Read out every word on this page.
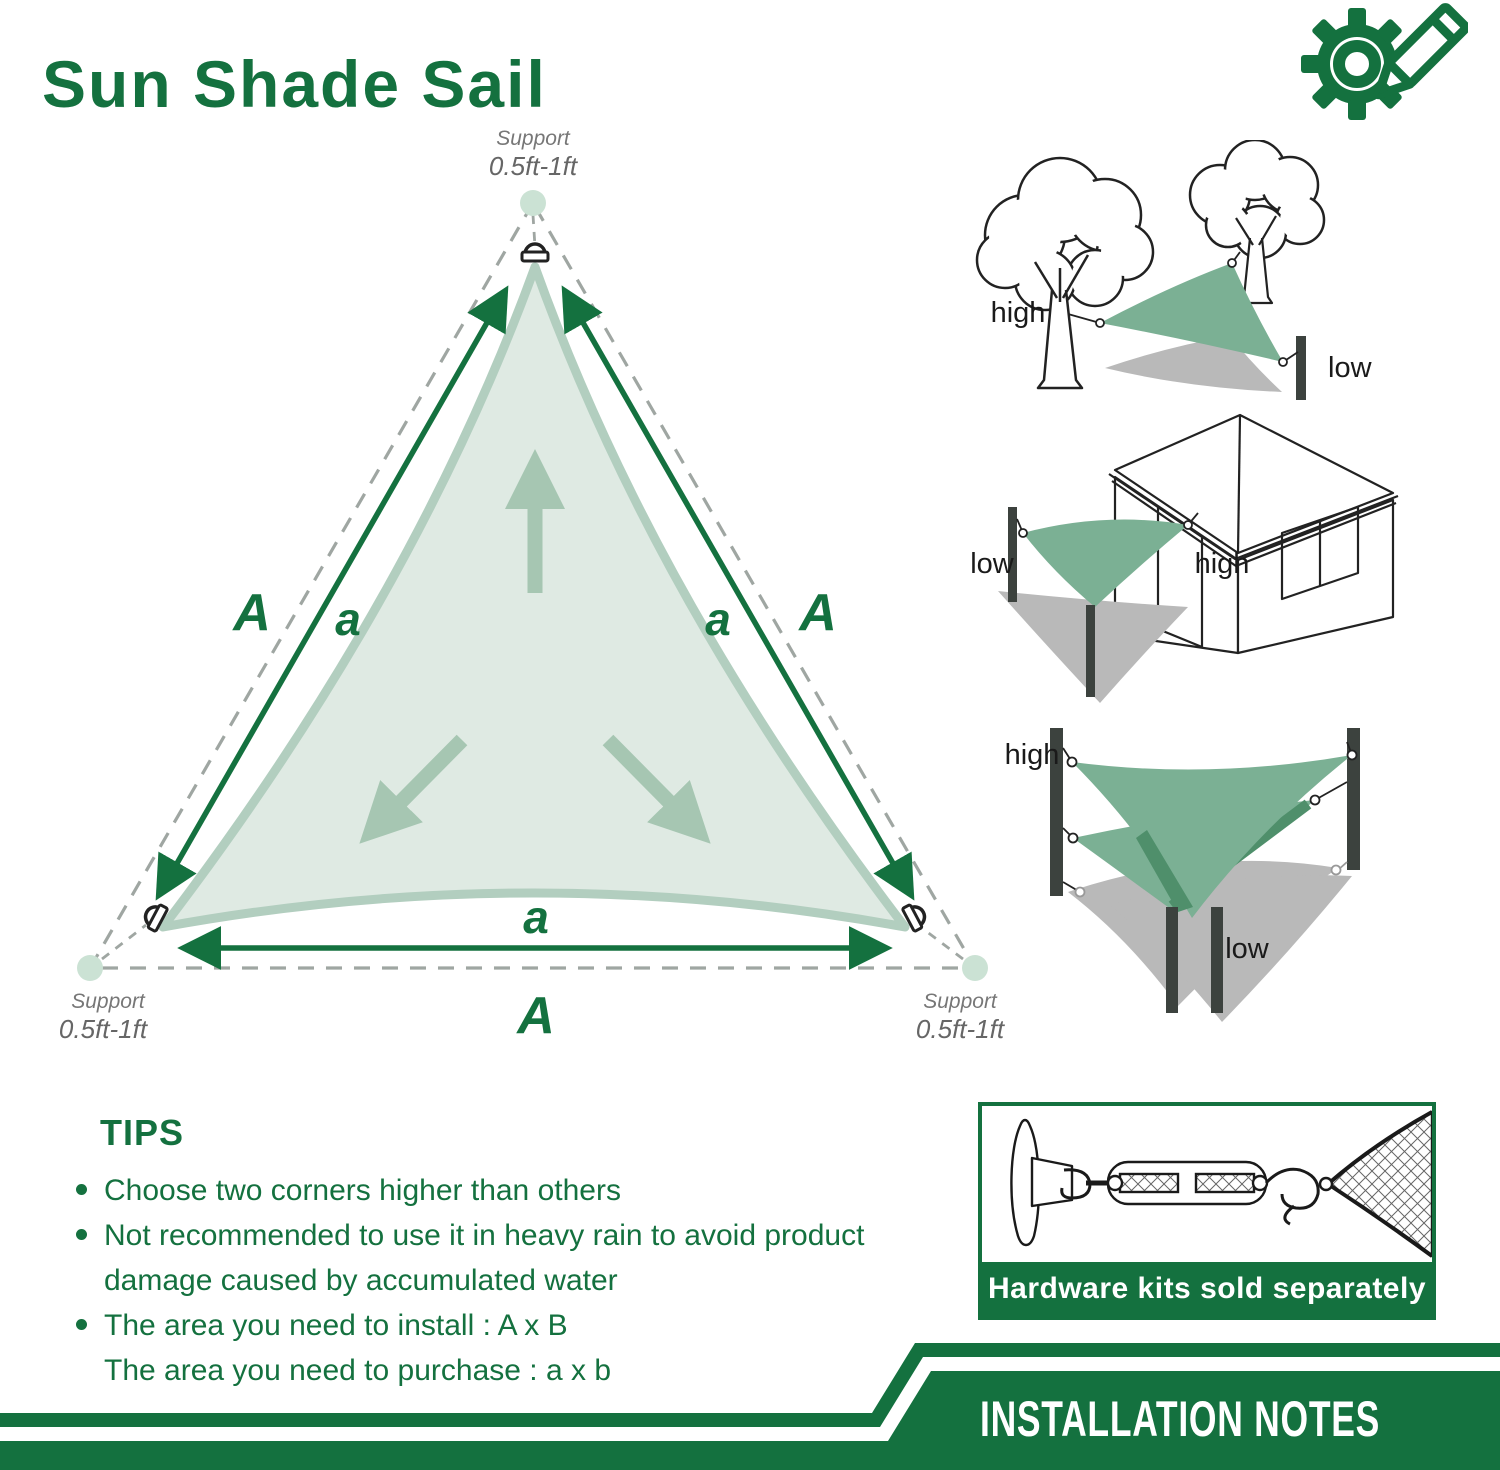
Sun Shade Sail
A a	a A
a
A
Support
0.5ft-1ft
Support
0.5ft-1ft
Support
0.5ft-1ft
high
low
low	high
high
low
TIPS
Choose two corners higher than others
Not recommended to use it in heavy rain to avoid product damage caused by accumulated water
The area you need to install : A x B
The area you need to purchase : a x b
Hardware kits sold separately
INSTALLATION NOTES
